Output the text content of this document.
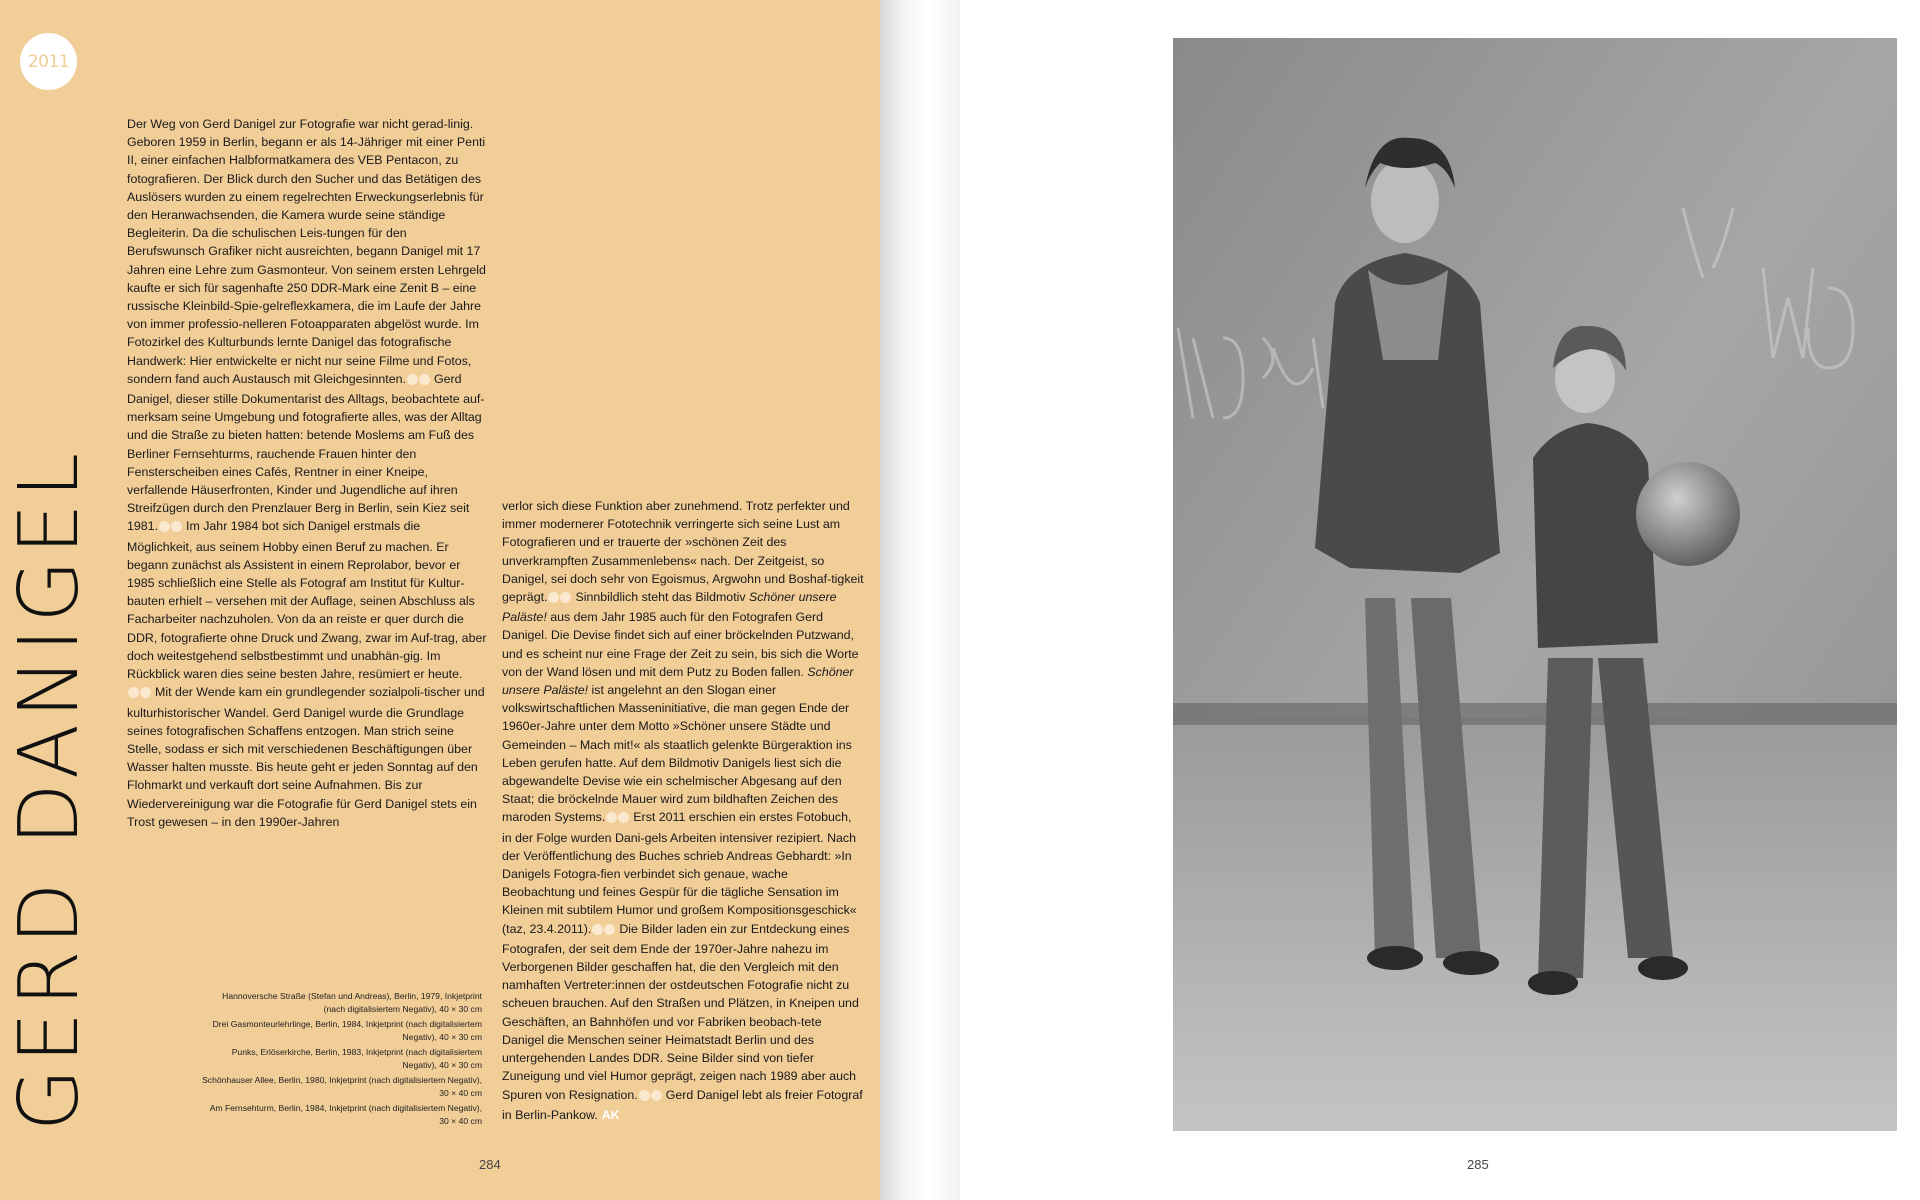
2011
GERD DANIGEL

Der Weg von Gerd Danigel zur Fotografie war nicht gerad-linig. Geboren 1959 in Berlin, begann er als 14-Jähriger mit einer Penti II, einer einfachen Halbformatkamera des VEB Pentacon, zu fotografieren. Der Blick durch den Sucher und das Betätigen des Auslösers wurden zu einem regelrechten Erweckungserlebnis für den Heranwachsenden, die Kamera wurde seine ständige Begleiterin. Da die schulischen Leis-tungen für den Berufswunsch Grafiker nicht ausreichten, begann Danigel mit 17 Jahren eine Lehre zum Gasmonteur. Von seinem ersten Lehrgeld kaufte er sich für sagenhafte 250 DDR-Mark eine Zenit B – eine russische Kleinbild-Spie-gelreflexkamera, die im Laufe der Jahre von immer professio-nelleren Fotoapparaten abgelöst wurde. Im Fotozirkel des Kulturbunds lernte Danigel das fotografische Handwerk: Hier entwickelte er nicht nur seine Filme und Fotos, sondern fand auch Austausch mit Gleichgesinnten. Gerd Danigel, dieser stille Dokumentarist des Alltags, beobachtete auf-merksam seine Umgebung und fotografierte alles, was der Alltag und die Straße zu bieten hatten: betende Moslems am Fuß des Berliner Fernsehturms, rauchende Frauen hinter den Fensterscheiben eines Cafés, Rentner in einer Kneipe, verfallende Häuserfronten, Kinder und Jugendliche auf ihren Streifzügen durch den Prenzlauer Berg in Berlin, sein Kiez seit 1981. Im Jahr 1984 bot sich Danigel erstmals die Möglichkeit, aus seinem Hobby einen Beruf zu machen. Er begann zunächst als Assistent in einem Reprolabor, bevor er 1985 schließlich eine Stelle als Fotograf am Institut für Kultur-bauten erhielt – versehen mit der Auflage, seinen Abschluss als Facharbeiter nachzuholen. Von da an reiste er quer durch die DDR, fotografierte ohne Druck und Zwang, zwar im Auf-trag, aber doch weitestgehend selbstbestimmt und unabhän-gig. Im Rückblick waren dies seine besten Jahre, resümiert er heute.Mit der Wende kam ein grundlegender sozialpoli-tischer und kulturhistorischer Wandel. Gerd Danigel wurde die Grundlage seines fotografischen Schaffens entzogen. Man strich seine Stelle, sodass er sich mit verschiedenen Beschäftigungen über Wasser halten musste. Bis heute geht er jeden Sonntag auf den Flohmarkt und verkauft dort seine Aufnahmen. Bis zur Wiedervereinigung war die Fotografie für Gerd Danigel stets ein Trost gewesen – in den 1990er-Jahren

verlor sich diese Funktion aber zunehmend. Trotz perfekter und immer modernerer Fototechnik verringerte sich seine Lust am Fotografieren und er trauerte der »schönen Zeit des unverkrampften Zusammenlebens« nach. Der Zeitgeist, so Danigel, sei doch sehr von Egoismus, Argwohn und Boshaf-tigkeit geprägt. Sinnbildlich steht das Bildmotiv Schöner unsere Paläste! aus dem Jahr 1985 auch für den Fotografen Gerd Danigel. Die Devise findet sich auf einer bröckelnden Putzwand, und es scheint nur eine Frage der Zeit zu sein, bis sich die Worte von der Wand lösen und mit dem Putz zu Boden fallen. Schöner unsere Paläste! ist angelehnt an den Slogan einer volkswirtschaftlichen Masseninitiative, die man gegen Ende der 1960er-Jahre unter dem Motto »Schöner unsere Städte und Gemeinden – Mach mit!« als staatlich gelenkte Bürgeraktion ins Leben gerufen hatte. Auf dem Bildmotiv Danigels liest sich die abgewandelte Devise wie ein schelmischer Abgesang auf den Staat; die bröckelnde Mauer wird zum bildhaften Zeichen des maroden Systems. Erst 2011 erschien ein erstes Fotobuch, in der Folge wurden Dani-gels Arbeiten intensiver rezipiert. Nach der Veröffentlichung des Buches schrieb Andreas Gebhardt: »In Danigels Fotogra-fien verbindet sich genaue, wache Beobachtung und feines Gespür für die tägliche Sensation im Kleinen mit subtilem Humor und großem Kompositionsgeschick« (taz, 23.4.2011). Die Bilder laden ein zur Entdeckung eines Fotografen, der seit dem Ende der 1970er-Jahre nahezu im Verborgenen Bilder geschaffen hat, die den Vergleich mit den namhaften Vertreter:innen der ostdeutschen Fotografie nicht zu scheuen brauchen. Auf den Straßen und Plätzen, in Kneipen und Geschäften, an Bahnhöfen und vor Fabriken beobach-tete Danigel die Menschen seiner Heimatstadt Berlin und des untergehenden Landes DDR. Seine Bilder sind von tiefer Zuneigung und viel Humor geprägt, zeigen nach 1989 aber auch Spuren von Resignation. Gerd Danigel lebt als freier Fotograf in Berlin-Pankow. AK

Hannoversche Straße (Stefan und Andreas), Berlin, 1979, Inkjetprint (nach digitalisiertem Negativ), 40 × 30 cm
Drei Gasmonteurlehrlinge, Berlin, 1984, Inkjetprint (nach digitalisiertem Negativ), 40 × 30 cm
Punks, Erlöserkirche, Berlin, 1983, Inkjetprint (nach digitalisiertem Negativ), 40 × 30 cm
Schönhauser Allee, Berlin, 1980, Inkjetprint (nach digitalisiertem Negativ), 30 × 40 cm
Am Fernsehturm, Berlin, 1984, Inkjetprint (nach digitalisiertem Negativ), 30 × 40 cm
284	285
